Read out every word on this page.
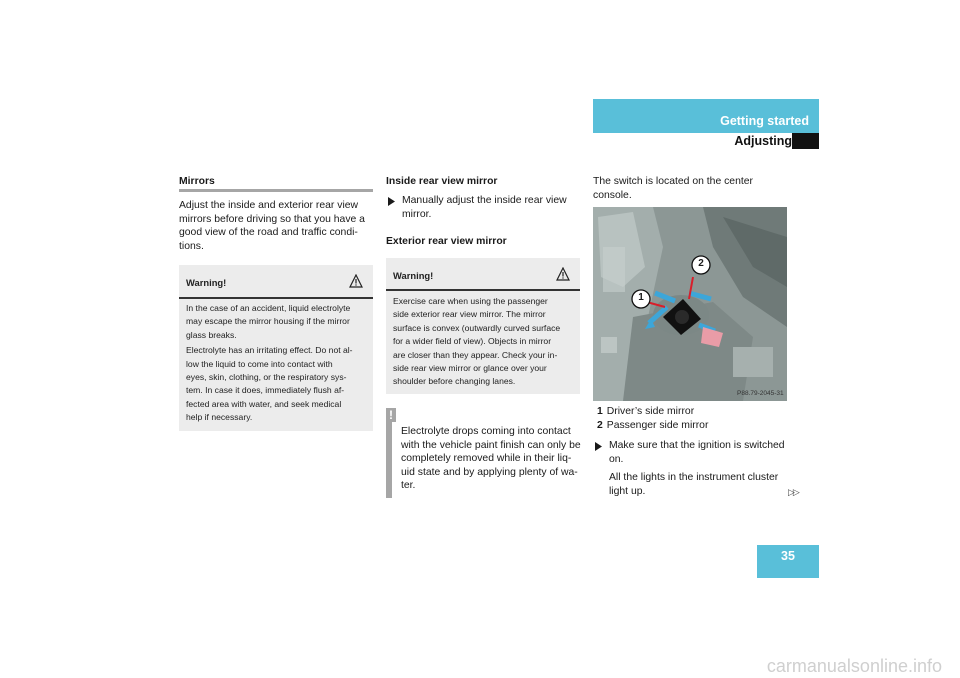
Getting started
Adjusting
Mirrors
Adjust the inside and exterior rear view
mirrors before driving so that you have a
good view of the road and traffic condi-
tions.
Warning!
In the case of an accident, liquid electrolyte
may escape the mirror housing if the mirror
glass breaks.
Electrolyte has an irritating effect. Do not al-
low the liquid to come into contact with
eyes, skin, clothing, or the respiratory sys-
tem. In case it does, immediately flush af-
fected area with water, and seek medical
help if necessary.
Inside rear view mirror
Manually adjust the inside rear view
mirror.
Exterior rear view mirror
Warning!
Exercise care when using the passenger
side exterior rear view mirror. The mirror
surface is convex (outwardly curved surface
for a wider field of view). Objects in mirror
are closer than they appear. Check your in-
side rear view mirror or glance over your
shoulder before changing lanes.
!
Electrolyte drops coming into contact
with the vehicle paint finish can only be
completely removed while in their liq-
uid state and by applying plenty of wa-
ter.
The switch is located on the center
console.
2
1
P88.79-2045-31
1 Driver’s side mirror
2 Passenger side mirror
Make sure that the ignition is switched
on.
All the lights in the instrument cluster
light up.	▷▷
35
carmanualsonline.info
